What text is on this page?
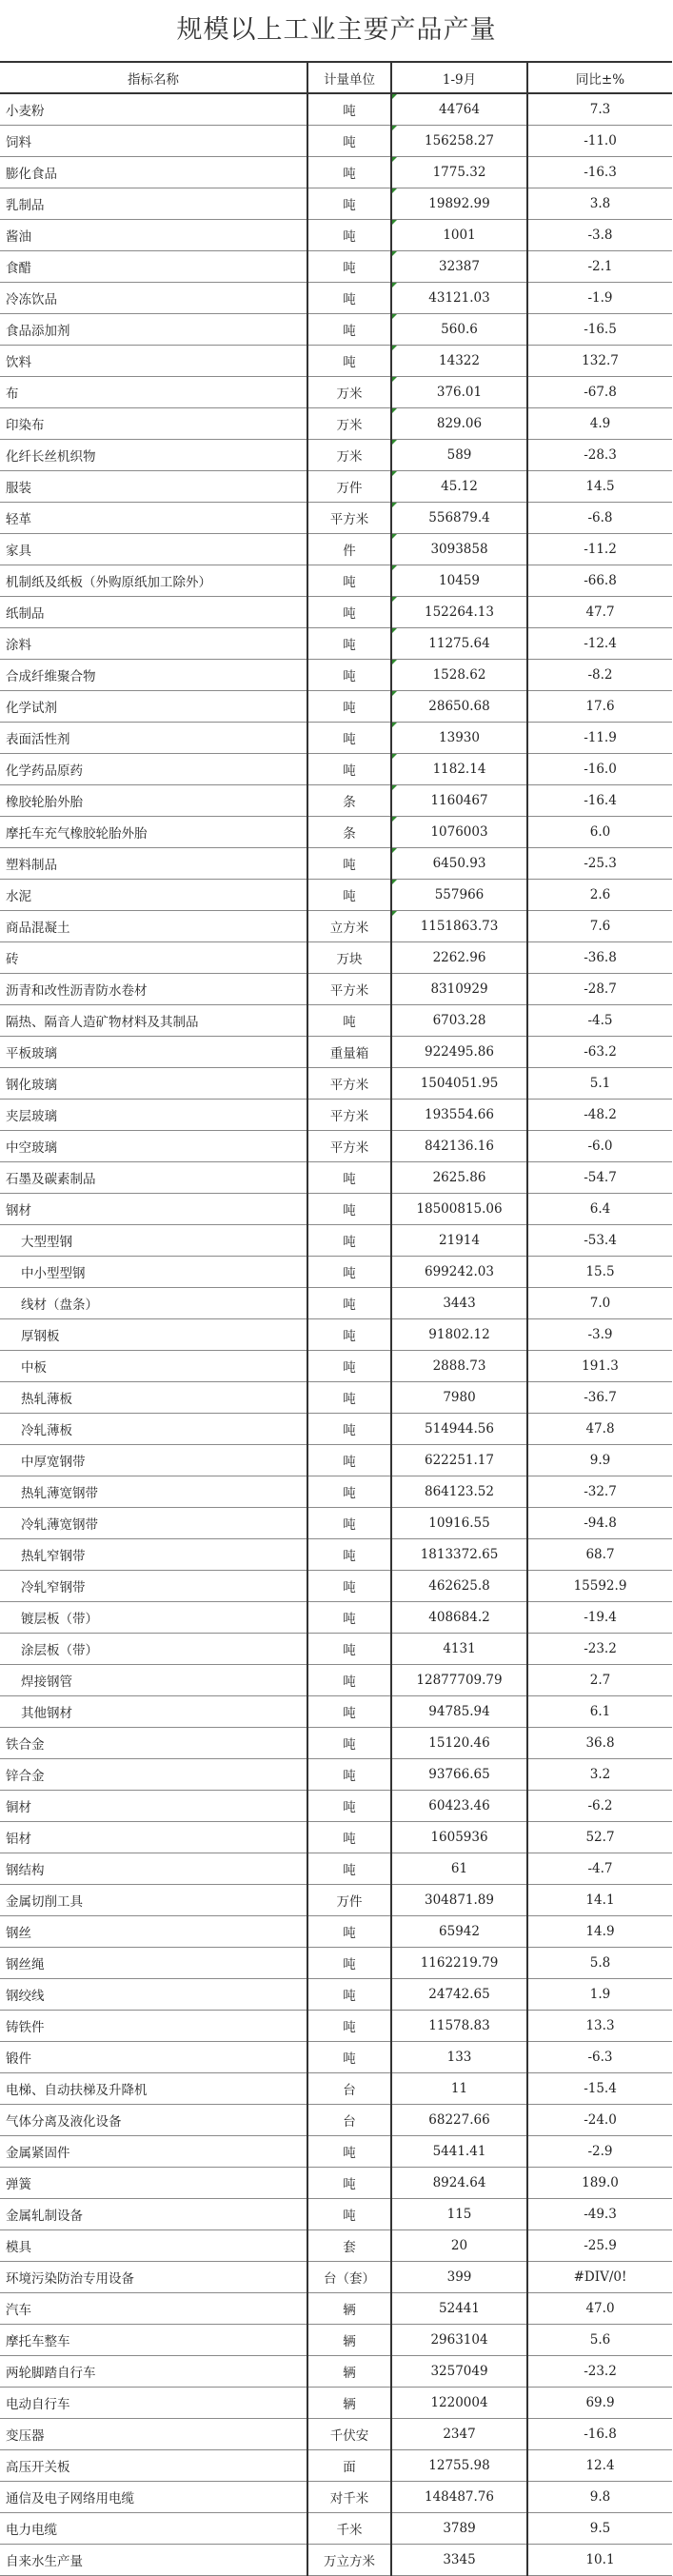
规模以上工业主要产品产量
指标名称	计量单位	1-9月	同比±%
小麦粉	吨	44764	7.3
饲料	吨	156258.27	-11.0
膨化食品	吨	1775.32	-16.3
乳制品	吨	19892.99	3.8
酱油	吨	1001	-3.8
食醋	吨	32387	-2.1
冷冻饮品	吨	43121.03	-1.9
食品添加剂	吨	560.6	-16.5
饮料	吨	14322	132.7
布	万米	376.01	-67.8
印染布	万米	829.06	4.9
化纤长丝机织物	万米	589	-28.3
服装	万件	45.12	14.5
轻革	平方米	556879.4	-6.8
家具	件	3093858	-11.2
机制纸及纸板（外购原纸加工除外）	吨	10459	-66.8
纸制品	吨	152264.13	47.7
涂料	吨	11275.64	-12.4
合成纤维聚合物	吨	1528.62	-8.2
化学试剂	吨	28650.68	17.6
表面活性剂	吨	13930	-11.9
化学药品原药	吨	1182.14	-16.0
橡胶轮胎外胎	条	1160467	-16.4
摩托车充气橡胶轮胎外胎	条	1076003	6.0
塑料制品	吨	6450.93	-25.3
水泥	吨	557966	2.6
商品混凝土	立方米	1151863.73	7.6
砖	万块	2262.96	-36.8
沥青和改性沥青防水卷材	平方米	8310929	-28.7
隔热、隔音人造矿物材料及其制品	吨	6703.28	-4.5
平板玻璃	重量箱	922495.86	-63.2
钢化玻璃	平方米	1504051.95	5.1
夹层玻璃	平方米	193554.66	-48.2
中空玻璃	平方米	842136.16	-6.0
石墨及碳素制品	吨	2625.86	-54.7
钢材	吨	18500815.06	6.4
大型型钢	吨	21914	-53.4
中小型型钢	吨	699242.03	15.5
线材（盘条）	吨	3443	7.0
厚钢板	吨	91802.12	-3.9
中板	吨	2888.73	191.3
热轧薄板	吨	7980	-36.7
冷轧薄板	吨	514944.56	47.8
中厚宽钢带	吨	622251.17	9.9
热轧薄宽钢带	吨	864123.52	-32.7
冷轧薄宽钢带	吨	10916.55	-94.8
热轧窄钢带	吨	1813372.65	68.7
冷轧窄钢带	吨	462625.8	15592.9
镀层板（带）	吨	408684.2	-19.4
涂层板（带）	吨	4131	-23.2
焊接钢管	吨	12877709.79	2.7
其他钢材	吨	94785.94	6.1
铁合金	吨	15120.46	36.8
锌合金	吨	93766.65	3.2
铜材	吨	60423.46	-6.2
铝材	吨	1605936	52.7
钢结构	吨	61	-4.7
金属切削工具	万件	304871.89	14.1
钢丝	吨	65942	14.9
钢丝绳	吨	1162219.79	5.8
钢绞线	吨	24742.65	1.9
铸铁件	吨	11578.83	13.3
锻件	吨	133	-6.3
电梯、自动扶梯及升降机	台	11	-15.4
气体分离及液化设备	台	68227.66	-24.0
金属紧固件	吨	5441.41	-2.9
弹簧	吨	8924.64	189.0
金属轧制设备	吨	115	-49.3
模具	套	20	-25.9
环境污染防治专用设备	台（套）	399	#DIV/0!
汽车	辆	52441	47.0
摩托车整车	辆	2963104	5.6
两轮脚踏自行车	辆	3257049	-23.2
电动自行车	辆	1220004	69.9
变压器	千伏安	2347	-16.8
高压开关板	面	12755.98	12.4
通信及电子网络用电缆	对千米	148487.76	9.8
电力电缆	千米	3789	9.5
自来水生产量	万立方米	3345	10.1
